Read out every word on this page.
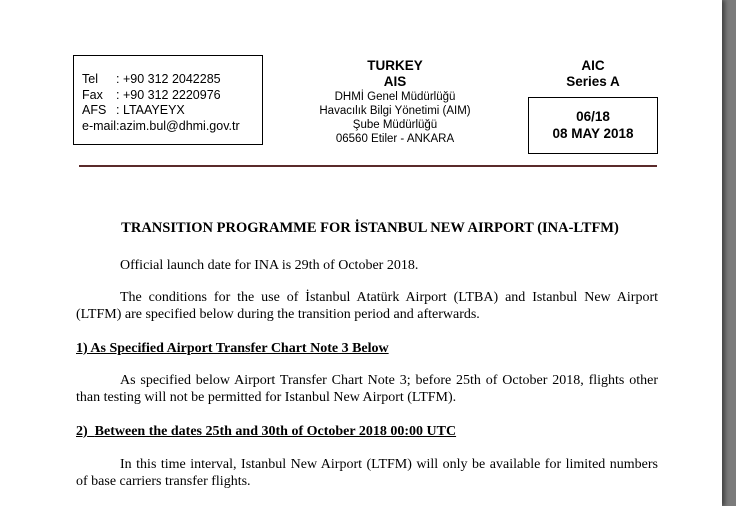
Tel : +90 312 2042285
Fax : +90 312 2220976
AFS : LTAAYEYX
e-mail:azim.bul@dhmi.gov.tr
TURKEY
AIS
DHMİ Genel Müdürlüğü
Havacılık Bilgi Yönetimi (AIM)
Şube Müdürlüğü
06560 Etiler - ANKARA
AIC
Series A
06/18
08 MAY 2018
TRANSITION PROGRAMME FOR İSTANBUL NEW AIRPORT (INA-LTFM)

Official launch date for INA is 29th of October 2018.

The conditions for the use of İstanbul Atatürk Airport (LTBA) and Istanbul New Airport (LTFM) are specified below during the transition period and afterwards.

1) As Specified Airport Transfer Chart Note 3 Below

As specified below Airport Transfer Chart Note 3; before 25th of October 2018, flights other than testing will not be permitted for Istanbul New Airport (LTFM).

2) Between the dates 25th and 30th of October 2018 00:00 UTC

In this time interval, Istanbul New Airport (LTFM) will only be available for limited numbers of base carriers transfer flights.
